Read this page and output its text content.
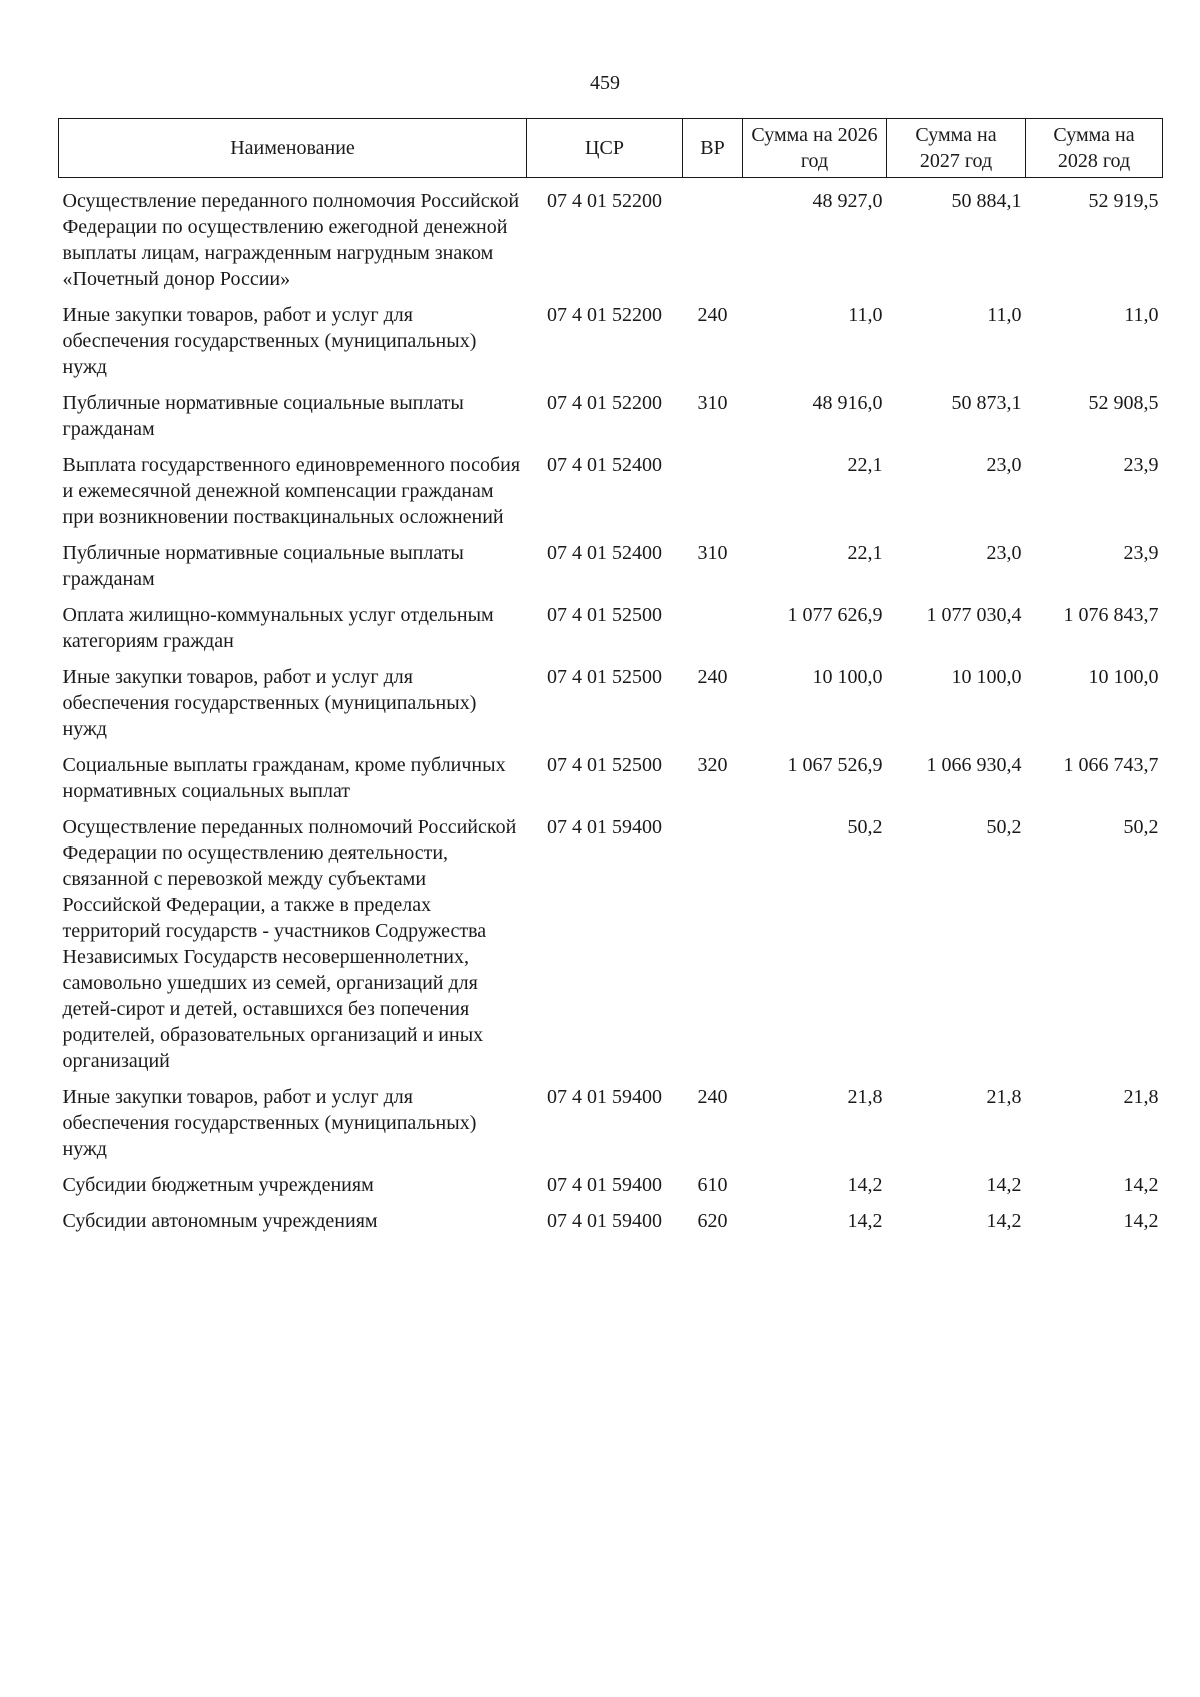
459
Наименование	ЦСР	ВР	Сумма на 2026 год	Сумма на 2027 год	Сумма на 2028 год
Осуществление переданного полномочия Российской Федерации по осуществлению ежегодной денежной выплаты лицам, награжденным нагрудным знаком «Почетный донор России»	07 4 01 52200		48 927,0	50 884,1	52 919,5
Иные закупки товаров, работ и услуг для обеспечения государственных (муниципальных) нужд	07 4 01 52200	240	11,0	11,0	11,0
Публичные нормативные социальные выплаты гражданам	07 4 01 52200	310	48 916,0	50 873,1	52 908,5
Выплата государственного единовременного пособия и ежемесячной денежной компенсации гражданам при возникновении поствакцинальных осложнений	07 4 01 52400		22,1	23,0	23,9
Публичные нормативные социальные выплаты гражданам	07 4 01 52400	310	22,1	23,0	23,9
Оплата жилищно-коммунальных услуг отдельным категориям граждан	07 4 01 52500		1 077 626,9	1 077 030,4	1 076 843,7
Иные закупки товаров, работ и услуг для обеспечения государственных (муниципальных) нужд	07 4 01 52500	240	10 100,0	10 100,0	10 100,0
Социальные выплаты гражданам, кроме публичных нормативных социальных выплат	07 4 01 52500	320	1 067 526,9	1 066 930,4	1 066 743,7
Осуществление переданных полномочий Российской Федерации по осуществлению деятельности, связанной с перевозкой между субъектами Российской Федерации, а также в пределах территорий государств - участников Содружества Независимых Государств несовершеннолетних, самовольно ушедших из семей, организаций для детей-сирот и детей, оставшихся без попечения родителей, образовательных организаций и иных организаций	07 4 01 59400		50,2	50,2	50,2
Иные закупки товаров, работ и услуг для обеспечения государственных (муниципальных) нужд	07 4 01 59400	240	21,8	21,8	21,8
Субсидии бюджетным учреждениям	07 4 01 59400	610	14,2	14,2	14,2
Субсидии автономным учреждениям	07 4 01 59400	620	14,2	14,2	14,2
